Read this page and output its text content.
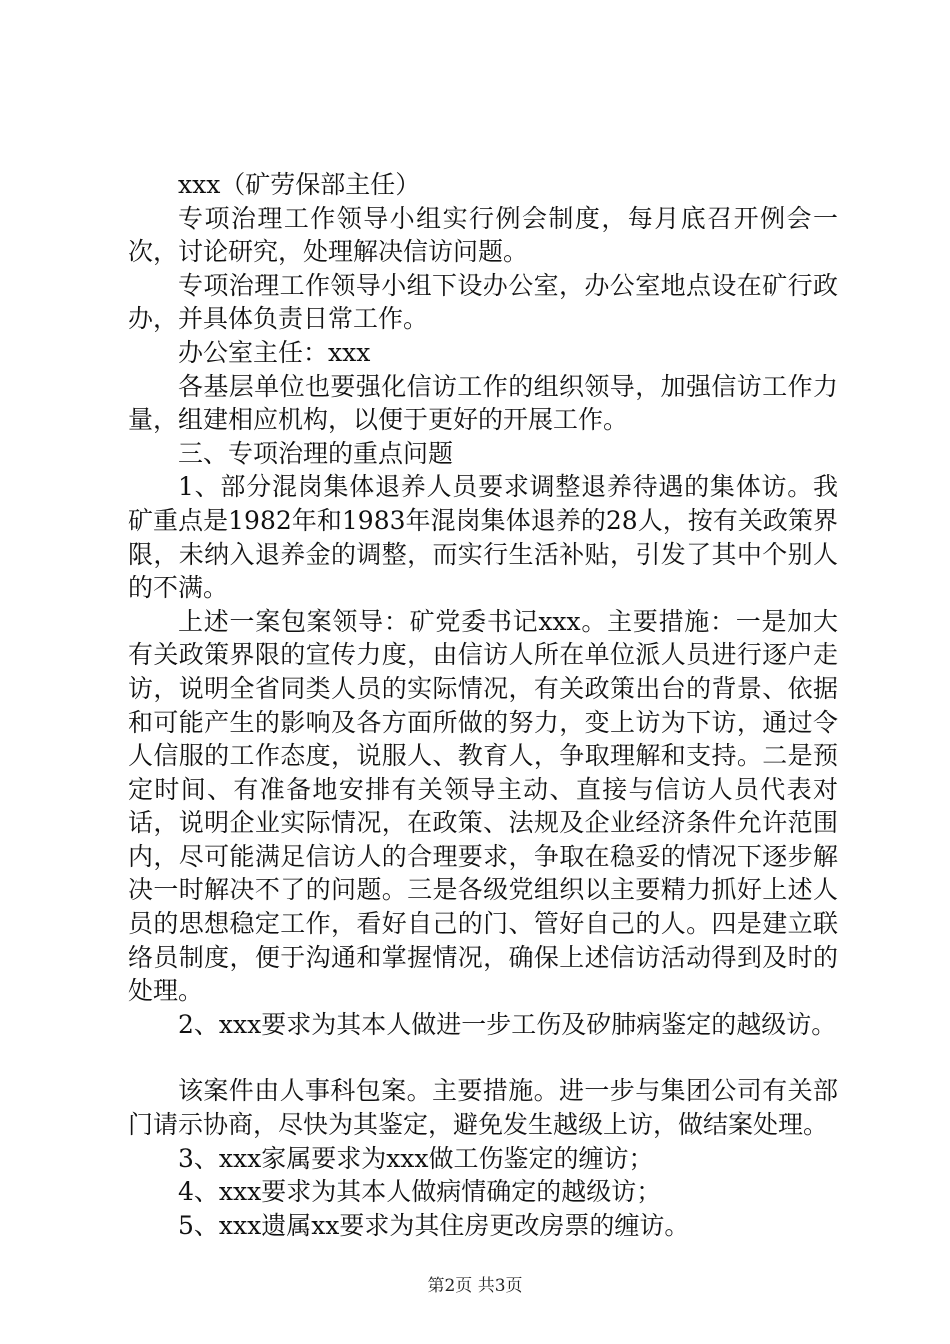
xxx（矿劳保部主任）

专项治理工作领导小组实行例会制度，每月底召开例会一次，讨论研究，处理解决信访问题。

专项治理工作领导小组下设办公室，办公室地点设在矿行政办，并具体负责日常工作。

办公室主任：xxx

各基层单位也要强化信访工作的组织领导，加强信访工作力量，组建相应机构，以便于更好的开展工作。

三、专项治理的重点问题

1、部分混岗集体退养人员要求调整退养待遇的集体访。我矿重点是1982年和1983年混岗集体退养的28人，按有关政策界限，未纳入退养金的调整，而实行生活补贴，引发了其中个别人的不满。

上述一案包案领导：矿党委书记xxx。主要措施：一是加大有关政策界限的宣传力度，由信访人所在单位派人员进行逐户走访，说明全省同类人员的实际情况，有关政策出台的背景、依据和可能产生的影响及各方面所做的努力，变上访为下访，通过令人信服的工作态度，说服人、教育人，争取理解和支持。二是预定时间、有准备地安排有关领导主动、直接与信访人员代表对话，说明企业实际情况，在政策、法规及企业经济条件允许范围内，尽可能满足信访人的合理要求，争取在稳妥的情况下逐步解决一时解决不了的问题。三是各级党组织以主要精力抓好上述人员的思想稳定工作，看好自己的门、管好自己的人。四是建立联络员制度，便于沟通和掌握情况，确保上述信访活动得到及时的处理。

2、xxx要求为其本人做进一步工伤及矽肺病鉴定的越级访。

该案件由人事科包案。主要措施。进一步与集团公司有关部门请示协商，尽快为其鉴定，避免发生越级上访，做结案处理。

3、xxx家属要求为xxx做工伤鉴定的缠访；

4、xxx要求为其本人做病情确定的越级访；

5、xxx遗属xx要求为其住房更改房票的缠访。

第2页 共3页
